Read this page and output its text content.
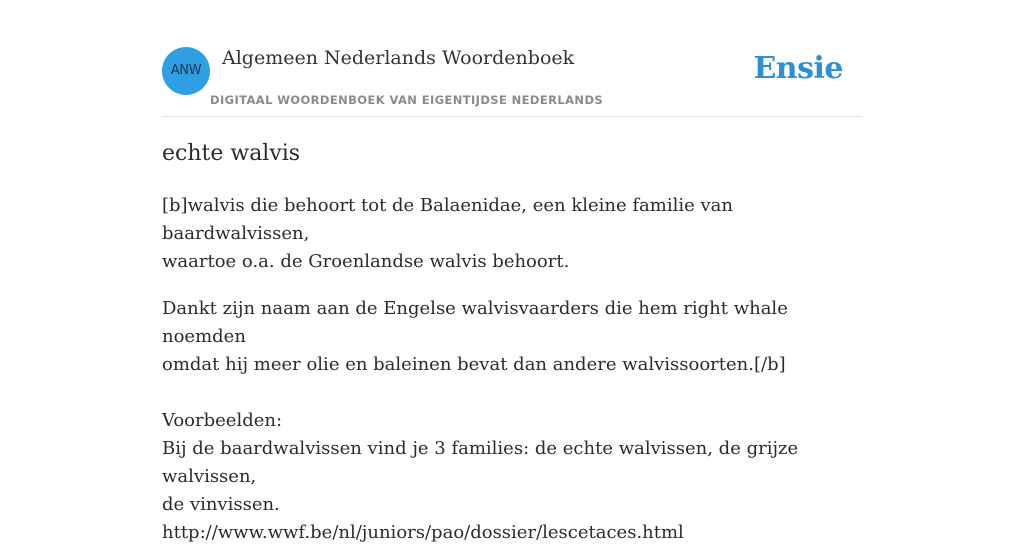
ANW
Algemeen Nederlands Woordenboek
DIGITAAL WOORDENBOEK VAN EIGENTIJDSE NEDERLANDS
Ensie
echte walvis
[b]walvis die behoort tot de Balaenidae, een kleine familie van baardwalvissen,
waartoe o.a. de Groenlandse walvis behoort.
Dankt zijn naam aan de Engelse walvisvaarders die hem right whale noemden
omdat hij meer olie en baleinen bevat dan andere walvissoorten.[/b]
Voorbeelden:
Bij de baardwalvissen vind je 3 families: de echte walvissen, de grijze walvissen,
de vinvissen.
http://www.wwf.be/nl/juniors/pao/dossier/lescetaces.html
